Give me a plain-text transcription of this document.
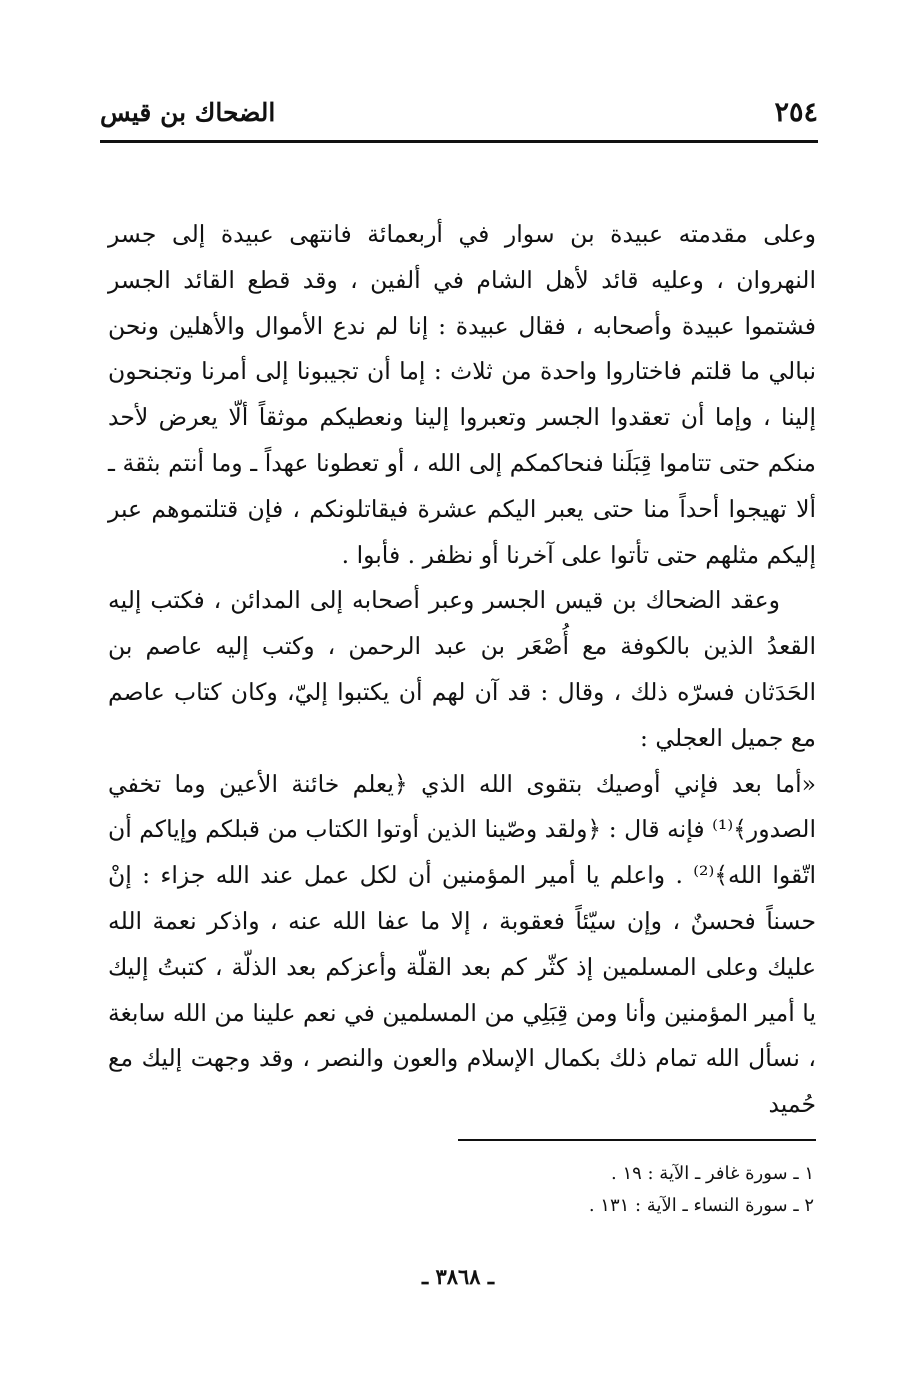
٢٥٤
الضحاك بن قيس

وعلى مقدمته عبيدة بن سوار في أربعمائة فانتهى عبيدة إلى جسر النهروان ، وعليه قائد لأهل الشام في ألفين ، وقد قطع القائد الجسر فشتموا عبيدة وأصحابه ، فقال عبيدة : إنا لم ندع الأموال والأهلين ونحن نبالي ما قلتم فاختاروا واحدة من ثلاث : إما أن تجيبونا إلى أمرنا وتجنحون إلينا ، وإما أن تعقدوا الجسر وتعبروا إلينا ونعطيكم موثقاً ألّا يعرض لأحد منكم حتى تتاموا قِبَلَنا فنحاكمكم إلى الله ، أو تعطونا عهداً ـ وما أنتم بثقة ـ ألا تهيجوا أحداً منا حتى يعبر اليكم عشرة فيقاتلونكم ، فإن قتلتموهم عبر إليكم مثلهم حتى تأتوا على آخرنا أو نظفر . فأبوا .

وعقد الضحاك بن قيس الجسر وعبر أصحابه إلى المدائن ، فكتب إليه القعدُ الذين بالكوفة مع أُصْعَر بن عبد الرحمن ، وكتب إليه عاصم بن الحَدَثان فسرّه ذلك ، وقال : قد آن لهم أن يكتبوا إليّ، وكان كتاب عاصم مع جميل العجلي :

«أما بعد فإني أوصيك بتقوى الله الذي ﴿يعلم خائنة الأعين وما تخفي الصدور﴾⁽¹⁾ فإنه قال : ﴿ولقد وصّينا الذين أوتوا الكتاب من قبلكم وإياكم أن اتّقوا الله﴾⁽²⁾ . واعلم يا أمير المؤمنين أن لكل عمل عند الله جزاء : إنْ حسناً فحسنٌ ، وإن سيّئاً فعقوبة ، إلا ما عفا الله عنه ، واذكر نعمة الله عليك وعلى المسلمين إذ كثّر كم بعد القلّة وأعزكم بعد الذلّة ، كتبتُ إليك يا أمير المؤمنين وأنا ومن قِبَلِي من المسلمين في نعم علينا من الله سابغة ، نسأل الله تمام ذلك بكمال الإسلام والعون والنصر ، وقد وجهت إليك مع حُميد

١ ـ سورة غافر ـ الآية : ١٩ .
٢ ـ سورة النساء ـ الآية : ١٣١ .
ـ ٣٨٦٨ ـ
